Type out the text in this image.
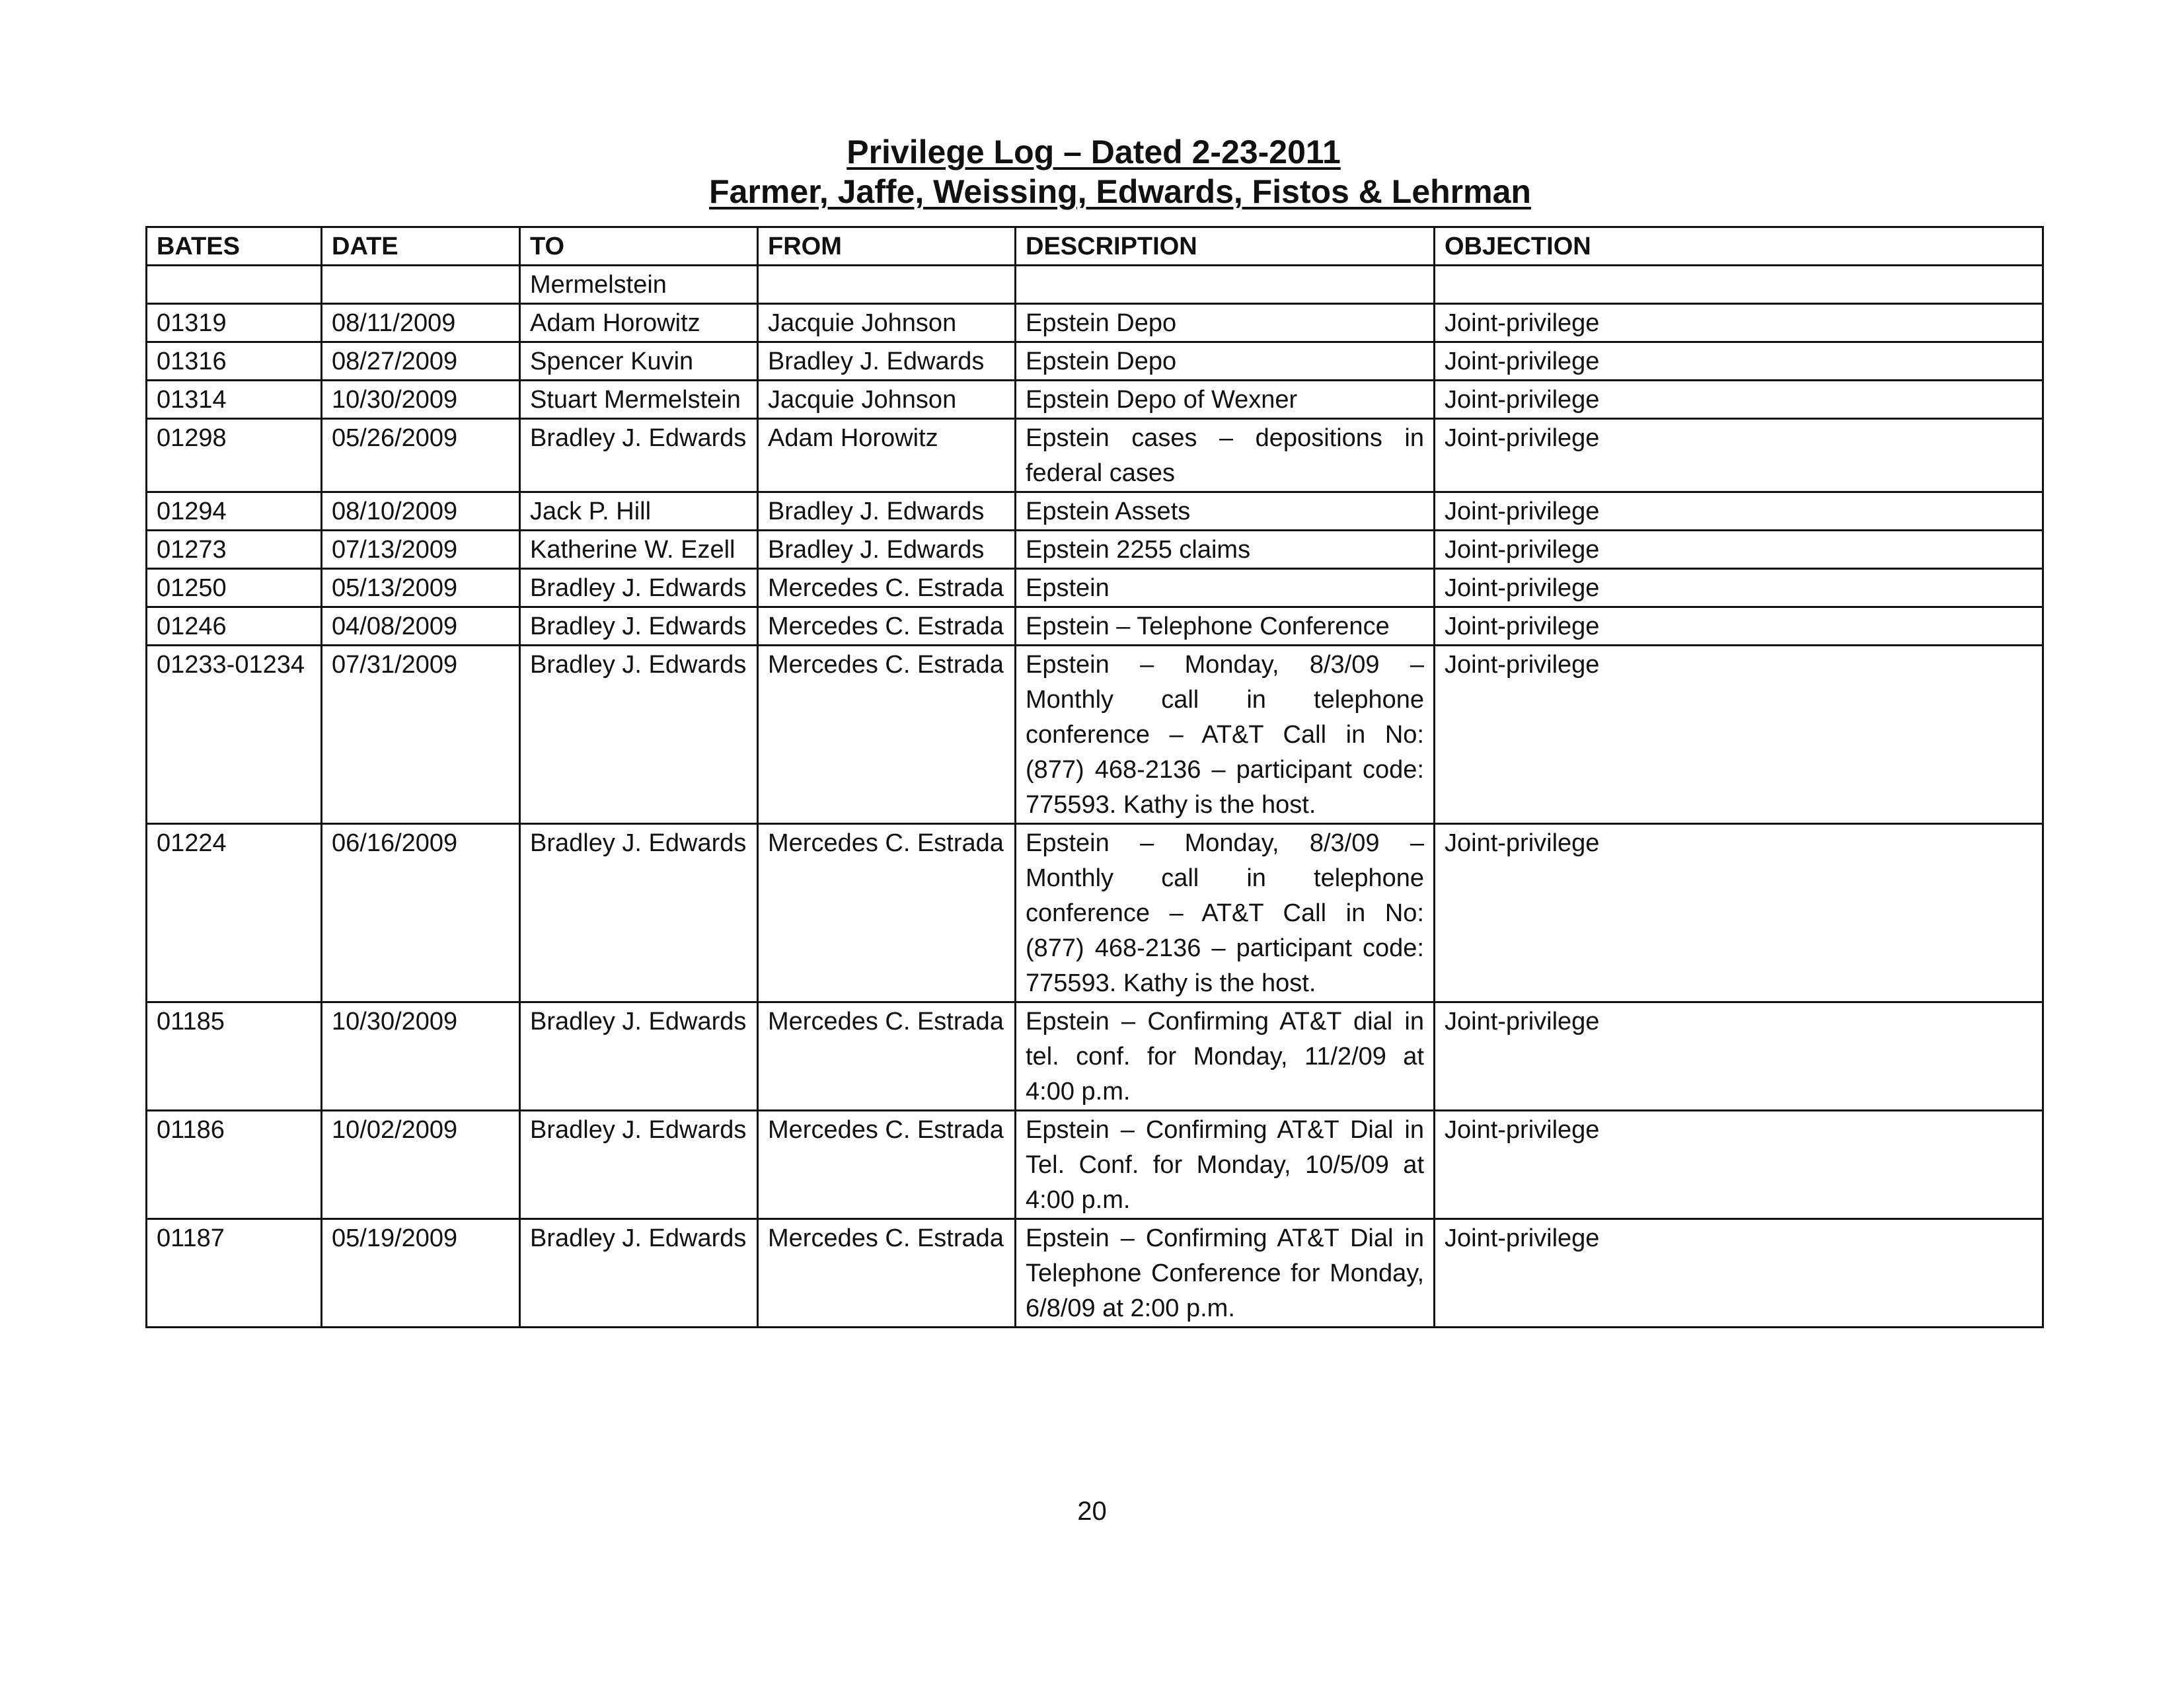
Privilege Log – Dated 2-23-2011
Farmer, Jaffe, Weissing, Edwards, Fistos & Lehrman
BATES	DATE	TO	FROM	DESCRIPTION	OBJECTION
		Mermelstein			
01319	08/11/2009	Adam Horowitz	Jacquie Johnson	Epstein Depo	Joint-privilege
01316	08/27/2009	Spencer Kuvin	Bradley J. Edwards	Epstein Depo	Joint-privilege
01314	10/30/2009	Stuart Mermelstein	Jacquie Johnson	Epstein Depo of Wexner	Joint-privilege
01298	05/26/2009	Bradley J. Edwards	Adam Horowitz	Epstein cases – depositions in federal cases	Joint-privilege
01294	08/10/2009	Jack P. Hill	Bradley J. Edwards	Epstein Assets	Joint-privilege
01273	07/13/2009	Katherine W. Ezell	Bradley J. Edwards	Epstein 2255 claims	Joint-privilege
01250	05/13/2009	Bradley J. Edwards	Mercedes C. Estrada	Epstein	Joint-privilege
01246	04/08/2009	Bradley J. Edwards	Mercedes C. Estrada	Epstein – Telephone Conference	Joint-privilege
01233-01234	07/31/2009	Bradley J. Edwards	Mercedes C. Estrada	Epstein – Monday, 8/3/09 – Monthly call in telephone conference – AT&T Call in No: (877) 468-2136 – participant code: 775593. Kathy is the host.	Joint-privilege
01224	06/16/2009	Bradley J. Edwards	Mercedes C. Estrada	Epstein – Monday, 8/3/09 – Monthly call in telephone conference – AT&T Call in No: (877) 468-2136 – participant code: 775593. Kathy is the host.	Joint-privilege
01185	10/30/2009	Bradley J. Edwards	Mercedes C. Estrada	Epstein – Confirming AT&T dial in tel. conf. for Monday, 11/2/09 at 4:00 p.m.	Joint-privilege
01186	10/02/2009	Bradley J. Edwards	Mercedes C. Estrada	Epstein – Confirming AT&T Dial in Tel. Conf. for Monday, 10/5/09 at 4:00 p.m.	Joint-privilege
01187	05/19/2009	Bradley J. Edwards	Mercedes C. Estrada	Epstein – Confirming AT&T Dial in Telephone Conference for Monday, 6/8/09 at 2:00 p.m.	Joint-privilege
20
